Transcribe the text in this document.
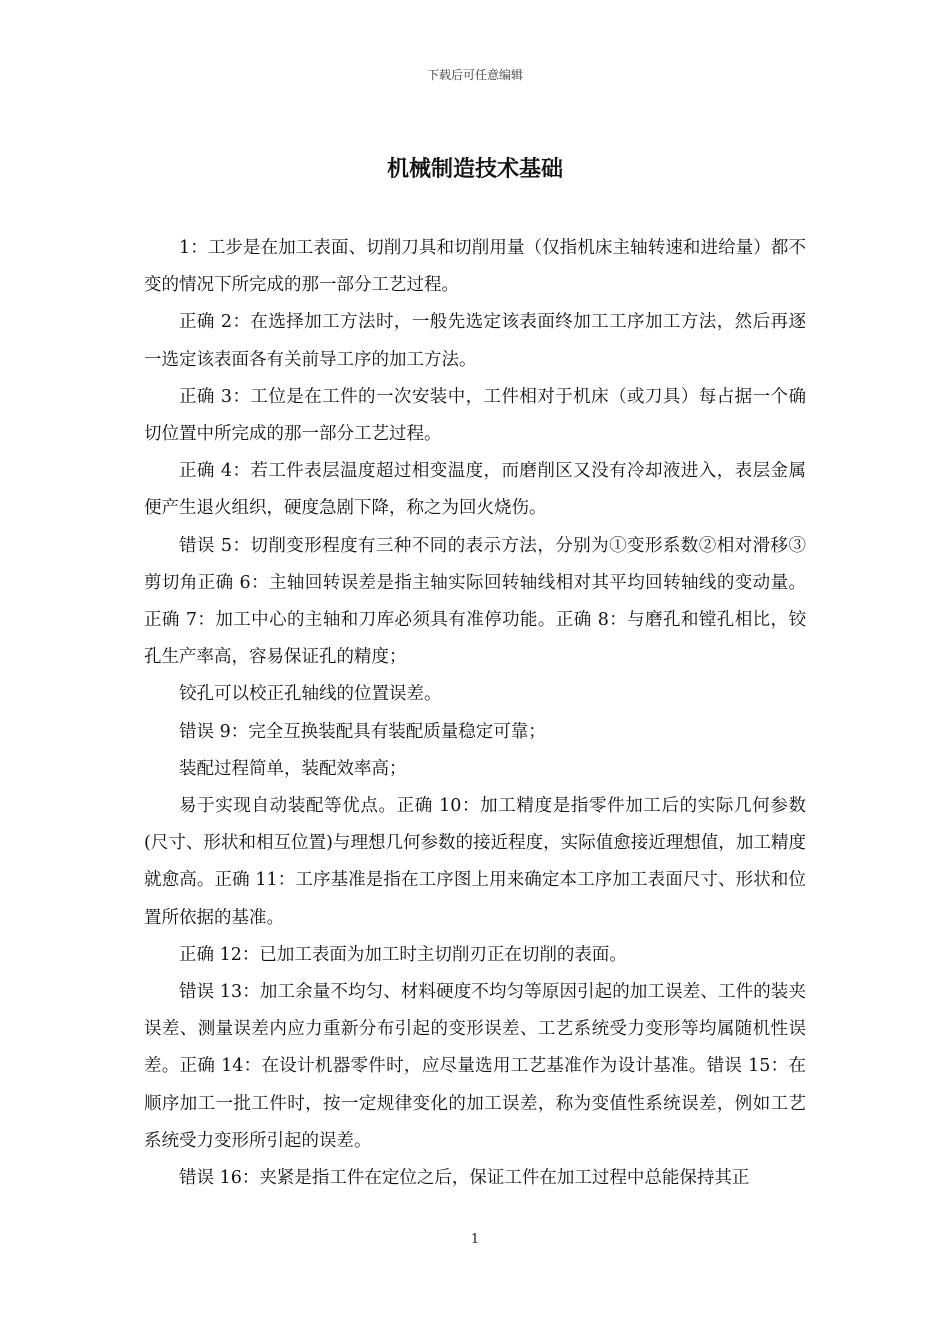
下载后可任意编辑
机械制造技术基础

1：工步是在加工表面、切削刀具和切削用量（仅指机床主轴转速和进给量）都不变的情况下所完成的那一部分工艺过程。

正确 2：在选择加工方法时，一般先选定该表面终加工工序加工方法，然后再逐一选定该表面各有关前导工序的加工方法。

正确 3：工位是在工件的一次安装中，工件相对于机床（或刀具）每占据一个确切位置中所完成的那一部分工艺过程。

正确 4：若工件表层温度超过相变温度，而磨削区又没有冷却液进入，表层金属便产生退火组织，硬度急剧下降，称之为回火烧伤。

错误 5：切削变形程度有三种不同的表示方法，分别为①变形系数②相对滑移③剪切角正确 6：主轴回转误差是指主轴实际回转轴线相对其平均回转轴线的变动量。正确 7：加工中心的主轴和刀库必须具有准停功能。正确 8：与磨孔和镗孔相比，铰孔生产率高，容易保证孔的精度；

铰孔可以校正孔轴线的位置误差。

错误 9：完全互换装配具有装配质量稳定可靠；

装配过程简单，装配效率高；

易于实现自动装配等优点。正确 10：加工精度是指零件加工后的实际几何参数(尺寸、形状和相互位置)与理想几何参数的接近程度，实际值愈接近理想值，加工精度就愈高。正确 11：工序基准是指在工序图上用来确定本工序加工表面尺寸、形状和位置所依据的基准。

正确 12：已加工表面为加工时主切削刃正在切削的表面。

错误 13：加工余量不均匀、材料硬度不均匀等原因引起的加工误差、工件的装夹误差、测量误差内应力重新分布引起的变形误差、工艺系统受力变形等均属随机性误差。正确 14：在设计机器零件时，应尽量选用工艺基准作为设计基准。错误 15：在顺序加工一批工件时，按一定规律变化的加工误差，称为变值性系统误差，例如工艺系统受力变形所引起的误差。

错误 16：夹紧是指工件在定位之后，保证工件在加工过程中总能保持其正

1
